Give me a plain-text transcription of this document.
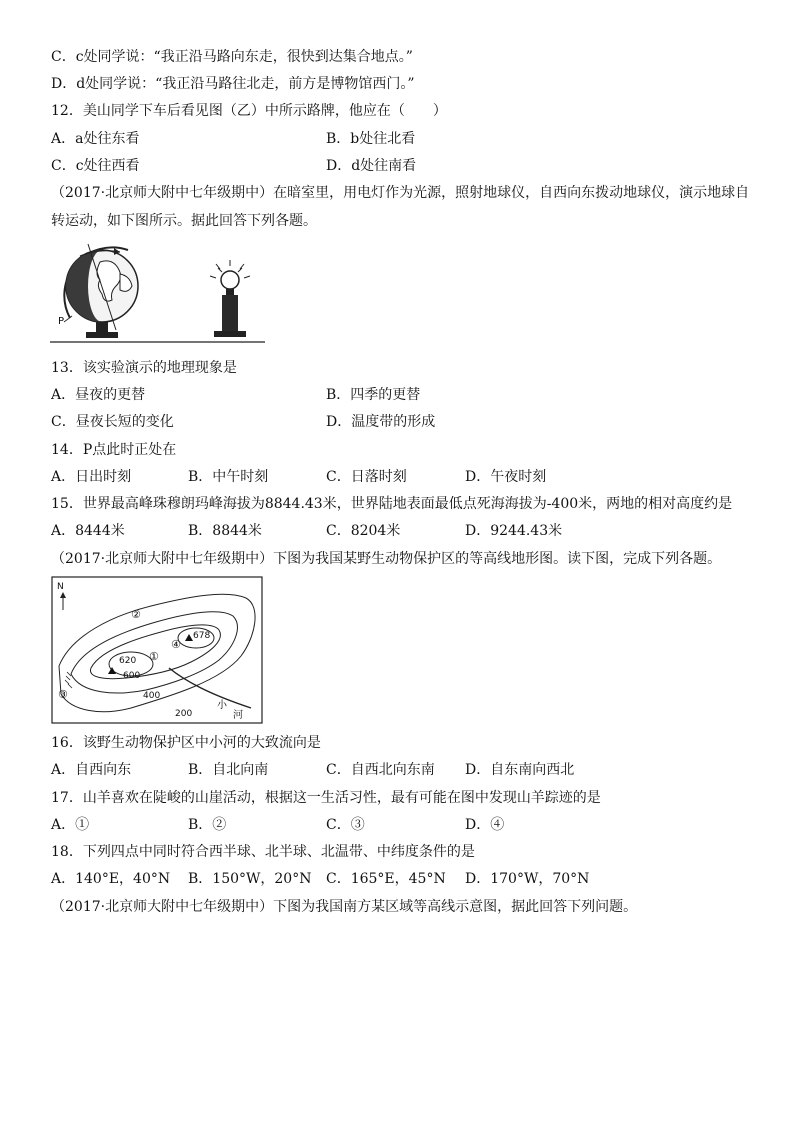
C．c处同学说：“我正沿马路向东走，很快到达集合地点。”
D．d处同学说：“我正沿马路往北走，前方是博物馆西门。”
12．美山同学下车后看见图（乙）中所示路牌，他应在（　　）
A．a处往东看	B．b处往北看
C．c处往西看	D．d处往南看
（2017·北京师大附中七年级期中）在暗室里，用电灯作为光源，照射地球仪，自西向东拨动地球仪，演示地球自
转运动，如下图所示。据此回答下列各题。
P
13．该实验演示的地理现象是
A．昼夜的更替	B．四季的更替
C．昼夜长短的变化	D．温度带的形成
14．P点此时正处在
A．日出时刻	B．中午时刻	C．日落时刻	D．午夜时刻
15．世界最高峰珠穆朗玛峰海拔为8844.43米，世界陆地表面最低点死海海拔为-400米，两地的相对高度约是
A．8444米	B．8844米	C．8204米	D．9244.43米
（2017·北京师大附中七年级期中）下图为我国某野生动物保护区的等高线地形图。读下图，完成下列各题。
N
620
678
600
400
200
②
①
④
③
小
河
16．该野生动物保护区中小河的大致流向是
A．自西向东	B．自北向南	C．自西北向东南 D．自东南向西北
17．山羊喜欢在陡峻的山崖活动，根据这一生活习性，最有可能在图中发现山羊踪迹的是
A．①	B．②	C．③	D．④
18．下列四点中同时符合西半球、北半球、北温带、中纬度条件的是
A．140°E，40°N B．150°W，20°N C．165°E，45°N D．170°W，70°N
（2017·北京师大附中七年级期中）下图为我国南方某区域等高线示意图，据此回答下列问题。
